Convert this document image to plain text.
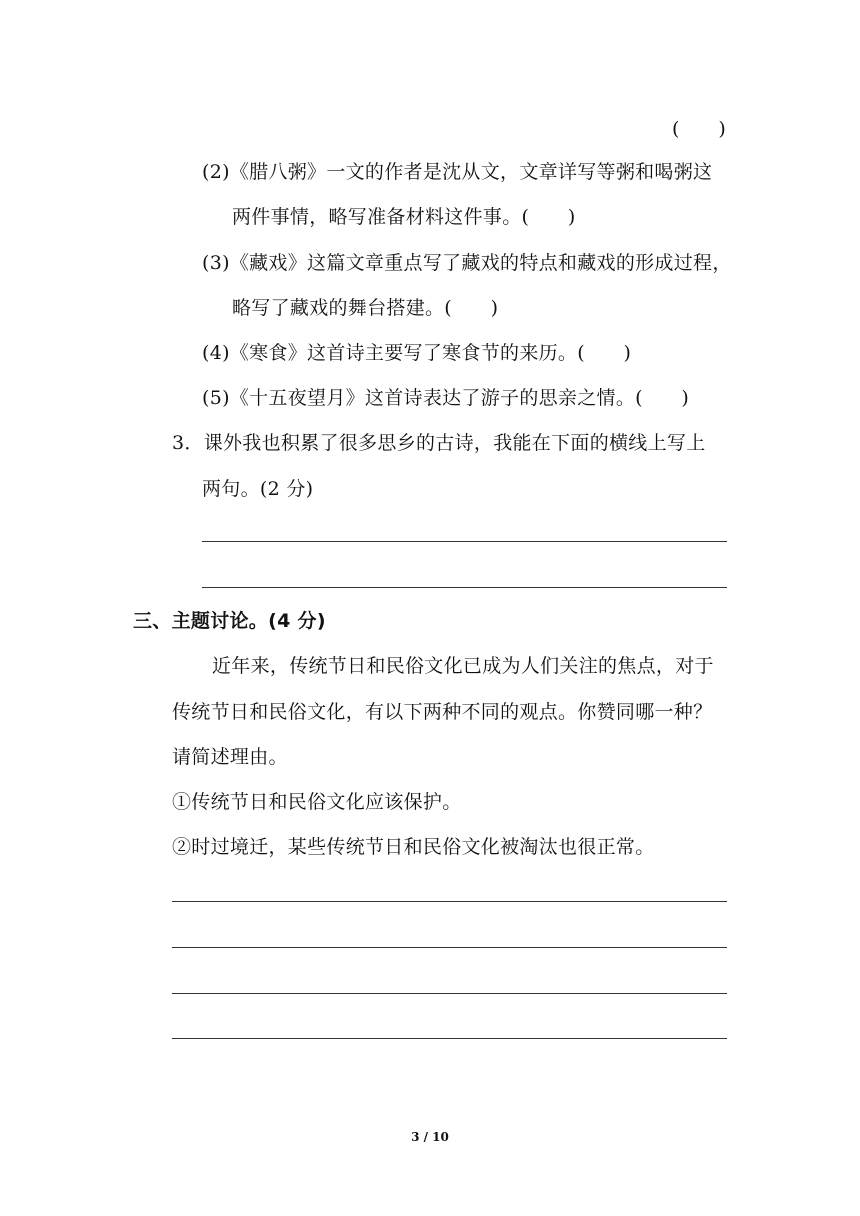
(　　)
(2)《腊八粥》一文的作者是沈从文，文章详写等粥和喝粥这
两件事情，略写准备材料这件事。(　　)
(3)《藏戏》这篇文章重点写了藏戏的特点和藏戏的形成过程，
略写了藏戏的舞台搭建。(　　)
(4)《寒食》这首诗主要写了寒食节的来历。(　　)
(5)《十五夜望月》这首诗表达了游子的思亲之情。(　　)
3．课外我也积累了很多思乡的古诗，我能在下面的横线上写上
两句。(2 分)
三、主题讨论。(4 分)
近年来，传统节日和民俗文化已成为人们关注的焦点，对于
传统节日和民俗文化，有以下两种不同的观点。你赞同哪一种？
请简述理由。
①传统节日和民俗文化应该保护。
②时过境迁，某些传统节日和民俗文化被淘汰也很正常。
3 / 10
